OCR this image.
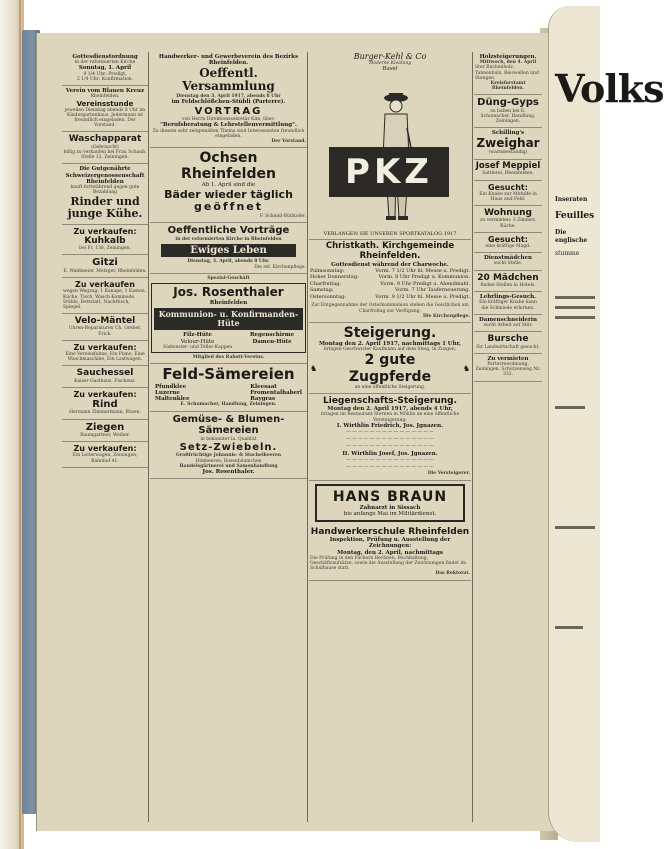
Volks
Inseraten
Feuilles
Die englische
stumme
Gottesdienstordnung
in der reformierten Kirche
Sonntag, 1. April
9 1/4 Uhr: Predigt,
2 1/4 Uhr: Konfirmation.
Verein vom Blauen Kreuz
Rheinfelden.
Vereinsstunde
jeweilen Dienstag abends 8 Uhr im Kindergartenhaus. Jedermann ist freundlich eingeladen. Der Vorstand.
Waschapparat
(Gebraucht)
billig zu verkaufen bei Frau Schaub, Stelle 12, Zeiningen.
Die Gutgenährte Schweizergenossenschaft Rheinfelden
kauft fortwährend gegen gute Bezahlung
Rinder und junge Kühe.
Zu verkaufen:
Kuhkalb
bei Fr. 138, Zeiningen.
Gitzi
E. Waldmeier, Metzger, Rheinfelden.
Zu verkaufen
wegen Wegzug: 1 Kanape, 1 Kasten, Küche, Tisch, Wasch-Kommode, Stühle, Bettstatt, Nachttisch, Spiegel.
Velo-Mäntel
Uhren-Reparaturen Ch. Greber, Frick.
Zu verkaufen:
Eine Vereinsfahne, Ein Piano, Eine Waschmaschine, Ein Lastwagen.
Sauchessel
Kaiser Gasthaus, Fischenz.
Zu verkaufen:
Rind
Hermann Zimmermann, Bözen.
Ziegen
Baumgartner, Weiher.
Zu verkaufen:
Ein Leiterwagen, Zeiningen, Bahnhof 41.
Handwerker- und Gewerbeverein des Bezirks Rheinfelden.
Oeffentl. Versammlung
Dienstag den 3. April 1917, abends 8 Uhr
im Feldschlößchen-Stübli (Parterre).
VORTRAG
von Herrn Direktionssekretär Kim, über:
"Berufsberatung & Lehrstellenvermittlung".
Zu diesem sehr zeitgemäßen Thema sind Interessenten freundlich eingeladen.
Der Vorstand.
Ochsen Rheinfelden
Ab 1. April sind die
Bäder wieder täglich
geöffnet
F. Schmid-Bütikofer.
Oeffentliche Vorträge
in der reformierten Kirche in Rheinfelden
Ewiges Leben
Dienstag, 3. April, abends 8 Uhr.
Die ref. Kirchenpflege.
Spezial-Geschäft
Jos. Rosenthaler
Rheinfelden
Kommunion- u. Konfirmanden-Hüte
Filz-Hüte
Velour-Hüte
Südwester- und Teller-Kappen
Regenschirme
Damen-Hüte
Mitglied des Rabatt-Vereins.
Feld-Sämereien
Pfundklee
Luzerne
Maltenklee
Kleesaat
Fromentalhaberl
Raygras
E. Schumacher, Handlung, Zeiningen.
Gemüse- & Blumen-Sämereien
in bekannter la. Qualität
Setz-Zwiebeln.
Großfrüchtige Johannis- & Stachelbeeren
Himbeeren, Rosenbäumchen
Handelsgärtnerei und Samenhandlung
Jos. Rosenthaler.
Burger-Kehl & Co
Moderne Kleidung
Basel
PKZ
VERLANGEN SIE UNSEREN SPORTKATALOG 1917
Christkath. Kirchgemeinde Rheinfelden.
Gottesdienst während der Charwoche.
Palmsonntag:	Vorm. 7 1/2 Uhr hl. Messe u. Predigt.
Hoher Donnerstag:	Vorm. 8 Uhr Predigt u. Kommunion.
Charfreitag:	Vorm. 9 Uhr Predigt u. Abendmahl.
Samstag:	Vorm. 7 Uhr Tauferneuerung.
Ostersonntag:	Vorm. 9 1/2 Uhr hl. Messe u. Predigt.
Zur Entgegennahme der Osterkommunion stehen die Geistlichen am Charfreitag zur Verfügung.
Die Kirchenpflege.
Steigerung.
Montag den 2. April 1917, nachmittags 1 Uhr,
bringen Geschwister Kaufmann auf dem Steig, in Zuzgen,
♞	2 gute Zugpferde
♞
an eine öffentliche Steigerung.
Liegenschafts-Steigerung.
Montag den 2. April 1917, abends 4 Uhr,
bringen im Restaurant Sternen in Möhlin an eine öffentliche Versteigerung:
I. Wirthlin Friedrich, Jos. Jgnazen.
— — — — — — — — — — — — — — —
— — — — — — — — — — — — — — —
— — — — — — — — — — — — — — —
II. Wirthlin Josef, Jos. Jgnazen.
— — — — — — — — — — — — — — —
— — — — — — — — — — — — — — —
Die Versteigerer.
HANS BRAUN
Zahnarzt in Sissach
bis anfangs Mai im Militärdienst.
Handwerkerschule Rheinfelden
Inspektion, Prüfung u. Ausstellung der Zeichnungen:
Montag, den 2. April, nachmittags
Die Prüfung in den Fächern Rechnen, Buchhaltung, Geschäftsaufsätze, sowie die Ausstellung der Zeichnungen findet im Schulhause statt.
Das Rektorat.
Holzsteigerungen.
Mittwoch, den 4. April
Ster Buchenholz, Tannenholz, Reiswellen und Stangen.
Kreisforstamt Rheinfelden.
Düng-Gyps
zu haben bei E. Schumacher, Handlung, Zeiningen.
Schilling's
Zweighar
(warmbeständig)
Josef Meppiel
Sattlerei, Rheinfelden.
Gesucht:
Ein Knabe zur Mithilfe in Haus und Feld.
Wohnung
zu vermieten: 3 Zimmer, Küche.
Gesucht:
eine kräftige Magd.
Dienstmädchen
sucht Stelle.
20 Mädchen
finden Stellen in Hotels.
Lehrlings-Gesuch.
Ein kräftiger Knabe kann die Schmiede erlernen.
Damenschneiderin
sucht Arbeit auf Stör.
Bursche
für Landwirtschaft gesucht.
Zu vermieten
Parterrewohnung, Zeiningen. Schützenweg Nr. 332.
